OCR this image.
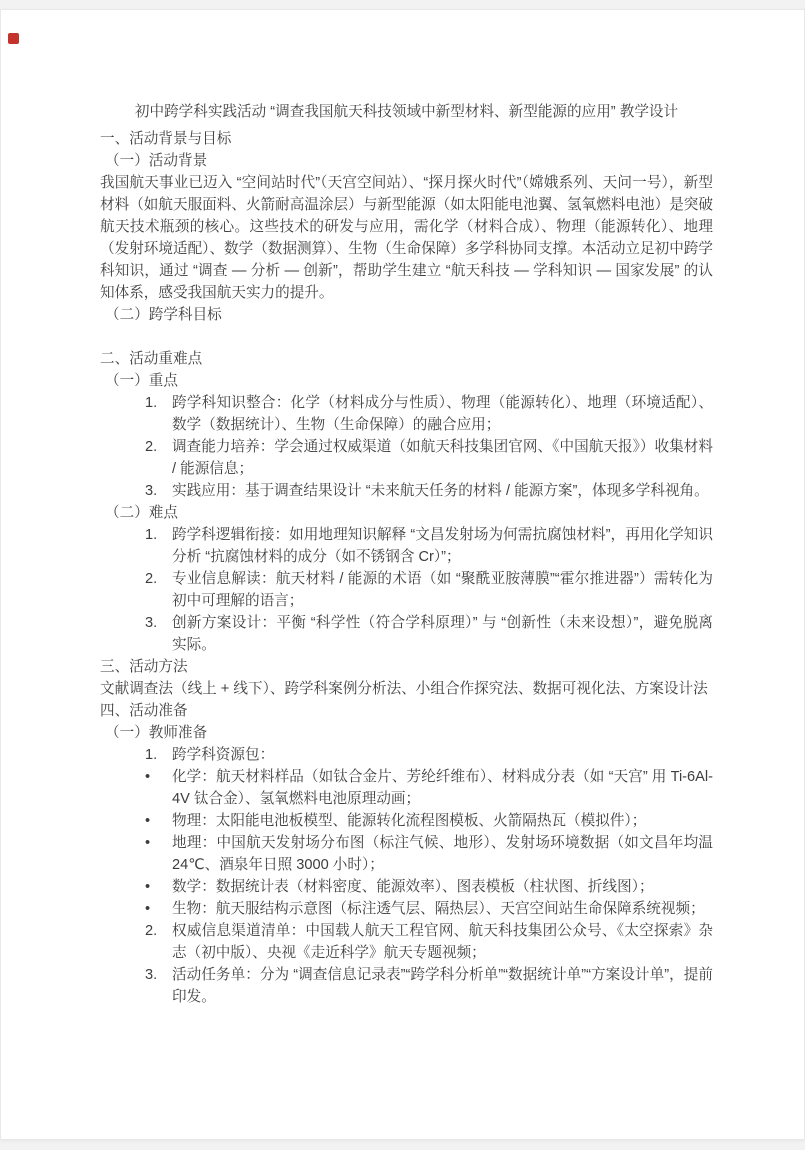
初中跨学科实践活动 “调查我国航天科技领域中新型材料、新型能源的应用” 教学设计
一、活动背景与目标
（一）活动背景
我国航天事业已迈入 “空间站时代”（天宫空间站）、“探月探火时代”（嫦娥系列、天问一号），新型材料（如航天服面料、火箭耐高温涂层）与新型能源（如太阳能电池翼、氢氧燃料电池）是突破航天技术瓶颈的核心。这些技术的研发与应用，需化学（材料合成）、物理（能源转化）、地理（发射环境适配）、数学（数据测算）、生物（生命保障）多学科协同支撑。本活动立足初中跨学科知识，通过 “调查 — 分析 — 创新”，帮助学生建立 “航天科技 — 学科知识 — 国家发展” 的认知体系，感受我国航天实力的提升。
（二）跨学科目标
二、活动重难点
（一）重点
1. 跨学科知识整合：化学（材料成分与性质）、物理（能源转化）、地理（环境适配）、数学（数据统计）、生物（生命保障）的融合应用；
2. 调查能力培养：学会通过权威渠道（如航天科技集团官网、《中国航天报》）收集材料 / 能源信息；
3. 实践应用：基于调查结果设计 “未来航天任务的材料 / 能源方案”，体现多学科视角。
（二）难点
1. 跨学科逻辑衔接：如用地理知识解释 “文昌发射场为何需抗腐蚀材料”，再用化学知识分析 “抗腐蚀材料的成分（如不锈钢含 Cr）”；
2. 专业信息解读：航天材料 / 能源的术语（如 “聚酰亚胺薄膜”“霍尔推进器”）需转化为初中可理解的语言；
3. 创新方案设计：平衡 “科学性（符合学科原理）” 与 “创新性（未来设想）”，避免脱离实际。
三、活动方法
文献调查法（线上 + 线下）、跨学科案例分析法、小组合作探究法、数据可视化法、方案设计法
四、活动准备
（一）教师准备
1. 跨学科资源包：
• 化学：航天材料样品（如钛合金片、芳纶纤维布）、材料成分表（如 “天宫” 用 Ti-6Al-4V 钛合金）、氢氧燃料电池原理动画；
• 物理：太阳能电池板模型、能源转化流程图模板、火箭隔热瓦（模拟件）；
• 地理：中国航天发射场分布图（标注气候、地形）、发射场环境数据（如文昌年均温 24℃、酒泉年日照 3000 小时）；
• 数学：数据统计表（材料密度、能源效率）、图表模板（柱状图、折线图）；
• 生物：航天服结构示意图（标注透气层、隔热层）、天宫空间站生命保障系统视频；
2. 权威信息渠道清单：中国载人航天工程官网、航天科技集团公众号、《太空探索》杂志（初中版）、央视《走近科学》航天专题视频；
3. 活动任务单：分为 “调查信息记录表”“跨学科分析单”“数据统计单”“方案设计单”，提前印发。
